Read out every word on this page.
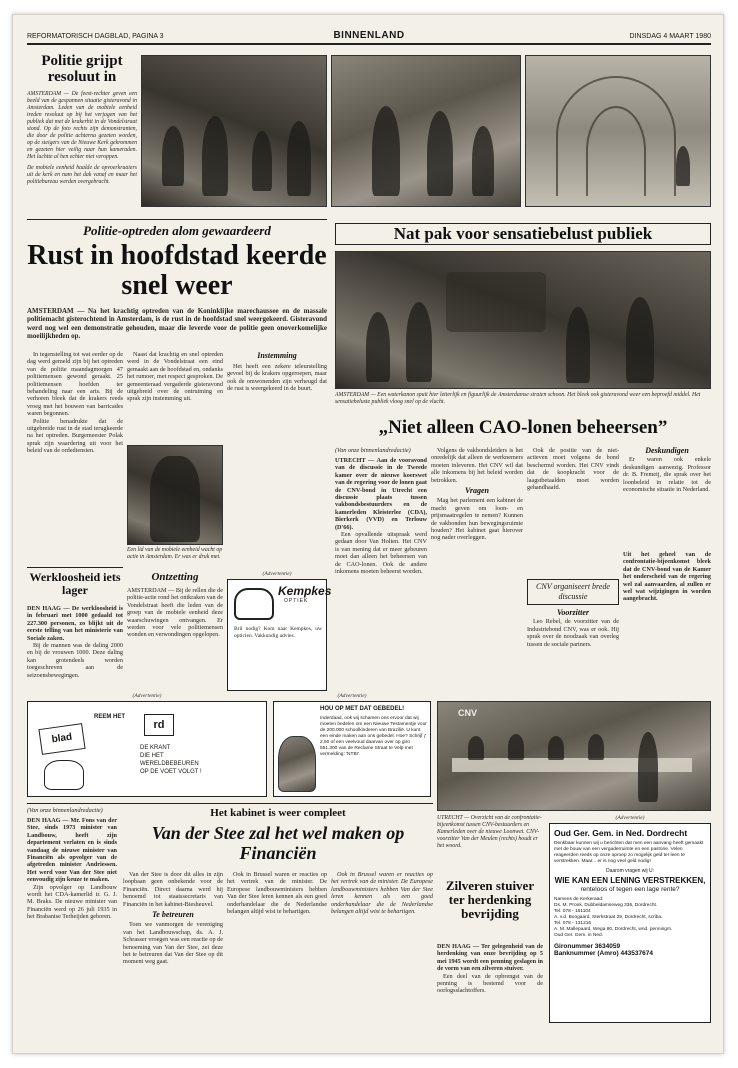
REFORMATORISCH DAGBLAD, PAGINA 3	BINNENLAND	DINSDAG 4 MAART 1980
Politie grijpt resoluut in
AMSTERDAM — De feest-rechter geven een beeld van de gespannen situatie gisteravond in Amsterdam. Leden van de mobiele eenheid treden resoluut op bij het verjagen van het publiek dat met de krakerhit in de Vondelstraat stond. Op de foto rechts zijn demonstranten, die door de politie achterna gezeten worden, op de steigers van de Nieuwe Kerk gekrommen en gezeten hier veilig naar hun kameraden. Het luchtte al hen echter niet veroppen.
De mobiele eenheid haalde de opvoerkraaiers uit de kerk en nam het dak vanaf en maar het politiebureau werden overgebracht.
Politie-optreden alom gewaardeerd
Rust in hoofdstad keerde snel weer
AMSTERDAM — Na het krachtig optreden van de Koninklijke marechaussee en de massale politiemacht gisterochtend in Amsterdam, is de rust in de hoofdstad snel weergekeerd. Gisteravond werd nog wel een demonstratie gehouden, maar die leverde voor de politie geen onoverkomelijke moeilijkheden op.

In tegenstelling tot wat eerder op de dag werd gemeld zijn bij het optreden van de politie maandagmorgen 47 politiemensen gewond geraakt. 25 politiemensen hoefden ter behandeling naar een arts. Bij de verhoren bleek dat de krakers reeds vroeg met het bouwen van barricades waren begonnen.

Politie benadrukte dat de uitgebreide rust in de stad terugkeerde na het optreden. Burgemeester Polak sprak zijn waardering uit voor het beleid van de ordediensten.

Naast dat krachtig en snel optreden werd in de Vondelstraat een eind gemaakt aan de hoofdstad en, ondanks het rumoer, met respect gesproken. De gemeenteraad vergaderde gisteravond uitgebreid over de ontruiming en sprak zijn instemming uit.

Een lid van de mobiele eenheid wacht op actie in Amsterdam. Er was er druk met.
Instemming

Het heeft een zekere teleurstelling gevoel bij de krakers opgeroepen, maar ook de omwonenden zijn verheugd dat de rust is weergekeerd in de buurt.

Werkloosheid iets lager

DEN HAAG — De werkloosheid is in februari met 1000 gedaald tot 227.300 personen, zo blijkt uit de eerste telling van het ministerie van Sociale zaken.

Bij de mannen was de daling 2000 en bij de vrouwen 1000. Deze daling kan grotendeels worden toegeschreven aan de seizoensbewegingen.

Ontzetting
AMSTERDAM — Bij de rellen die de politie-actie rond het ontkraken van de Vondelstraat heeft die leden van de groep van de mobiele eenheid deze waarschuwingen ontvangen. Er werden voor vele politiemensen wonden en verwondingen opgelopen.
(Advertentie)
Kempkes
OPTIEK
Bril nodig? Kom naar Kempkes, uw opticien. Vakkundig advies.
Nat pak voor sensatiebelust publiek
AMSTERDAM — Een waterkanon spuit hier letterlijk en figuurlijk de Amsterdamse straten schoon. Het bleek ook gisteravond weer een beproefd middel. Het sensatiebeluste publiek vloog snel op de vlucht.
„Niet alleen CAO-lonen beheersen”
(Van onze binnenlandredactie)

UTRECHT — Aan de vooravond van de discussie in de Tweede kamer over de nieuwe koerswet van de regering voor de lonen gaat de CNV-bond in Utrecht een discussie plaats tussen vakbondsbestuurders en de kamerleden Kleisterlee (CDA), Bierkerk (VVD) en Terlouw (D'66).

Een opvallende uitspraak werd gedaan door Van Holten. Het CNV is van mening dat er meer gebeuren moet dan alleen het beheersen van de CAO-lonen. Ook de andere inkomens moeten beheerst worden.

Volgens de vakbondsleiders is het onredelijk dat alleen de werknemers moeten inleveren. Het CNV wil dat alle inkomens bij het beleid worden betrokken.

Vragen

Mag het parlement een kabinet de macht geven om loon- en prijsmaatregelen te nemen? Kunnen de vakbonden hun bewegingsruimte houden? Het kabinet gaat hierover nog nader overleggen.

Ook de positie van de niet-actieven moet volgens de bond beschermd worden. Het CNV vindt dat de koopkracht voor de laagstbetaalden moet worden gehandhaafd.

CNV organiseert brede discussie
Voorzitter

Leo Rebel, de voorzitter van de Industriebond CNV, was er ook. Hij sprak over de noodzaak van overleg tussen de sociale partners.

Deskundigen

Er waren ook enkele deskundigen aanwezig. Professor dr. B. Fremeij, die sprak over het loonbeleid in relatie tot de economische situatie in Nederland.

Uit het geheel van de confrontatie-bijeenkomst bleek dat de CNV-bond van de Kamer het onderscheid van de regering wel zal aanvaarden, al zullen er wel wat wijzigingen in worden aangebracht.
(Advertentie)
REEM HET
blad
rd
DE KRANT
DIE HET
WERELDBEBEUREN
OP DE VOET VOLGT !
(Advertentie)
HOU OP MET DAT GEBEDEL!
Inderdaad, ook wij schamen ons ervoor dat wij moeten bedelen om een Nieuwe Testamentje voor de 200.000 schoolkinderen van Brazilië. U kunt een einde maken aan ons gebedel. Hoe? Schrijf ƒ 2,50 of een veelvoud daarvan over op giro 551.300 van de Reclame Straat te Velp met vermelding: 'NTBr'.
CNV
(Van onze binnenlandredactie)

DEN HAAG — Mr. Fons van der Stee, sinds 1973 minister van Landbouw, heeft zijn departement verlaten en is sinds vandaag de nieuwe minister van Financiën als opvolger van de afgetreden minister Andriessen. Het werd voor Van der Stee niet eenvoudig zijn keuze te maken.

Zijn opvolger op Landbouw wordt het CDA-kamerlid ir. G. J. M. Braks. De nieuwe minister van Financiën werd op 26 juli 1935 in het Brabantse Terheijden geboren.

Het kabinet is weer compleet
Van der Stee zal het wel maken op Financiën

Van der Stee is door dit alles in zijn loopbaan geen onbekende voor de Financiën. Direct daarna werd hij benoemd tot staatssecretaris van Financiën in het kabinet-Biesheuvel.

Te betreuren

Toen we vanmorgen de vereniging van het Landbouwschap, ds. A. J. Schrasser vroegen was een reactie op de benoeming van Van der Stee, zei deze het te betreuren dat Van der Stee op dit moment weg gaat.

Ook in Brussel waren er reacties op het vertrek van de minister. De Europese landbouwministers hebben Van der Stee leren kennen als een goed onderhandelaar die de Nederlandse belangen altijd wist te behartigen.

Ook in Brussel waren er reacties op het vertrek van de minister. De Europese landbouwministers hebben Van der Stee leren kennen als een goed onderhandelaar die de Nederlandse belangen altijd wist te behartigen.

UTRECHT — Overzicht van de confrontatie-bijeenkomst tussen CNV-bestuurders en Kamerleden over de nieuwe Loonwet. CNV-voorzitter Van der Meulen (rechts) houdt er het woord.
Zilveren stuiver ter herdenking bevrijding

DEN HAAG — Ter gelegenheid van de herdenking van onze bevrijding op 5 mei 1945 wordt een penning geslagen in de vorm van een zilveren stuiver.

Een deel van de opbrengst van de penning is bestemd voor de oorlogsslachtoffers.

(Advertentie)
Oud Ger. Gem. in Ned. Dordrecht
Denkbaar kunnen wij u berichten dat men een aanvang heeft gemaakt met de bouw van een vergaderruimte en een pastorie. Velen reageerden reeds op onze oproep zo mogelijk geld ter leen te verstrekken. Maar... er is nog veel geld nodig!
Daarom vragen wij U:
WIE KAN EEN LENING VERSTREKKEN,
renteloos of tegen een lage rente?
Namens de Kerkeraad:
Ds. M. Pronk, Dubbeldamseweg 336, Dordrecht.
Tel. 078 - 151104
A. v.d. Boogaard, Sterkstraat 29, Dordrecht, scriba.
Tel. 078 - 131216
A. M. Mallepaard, Wega 80, Dordrecht, wnd. penningm.
Oud Ger. Gem. in Ned.
Gironummer 3634059
Banknummer (Amro) 443537674
